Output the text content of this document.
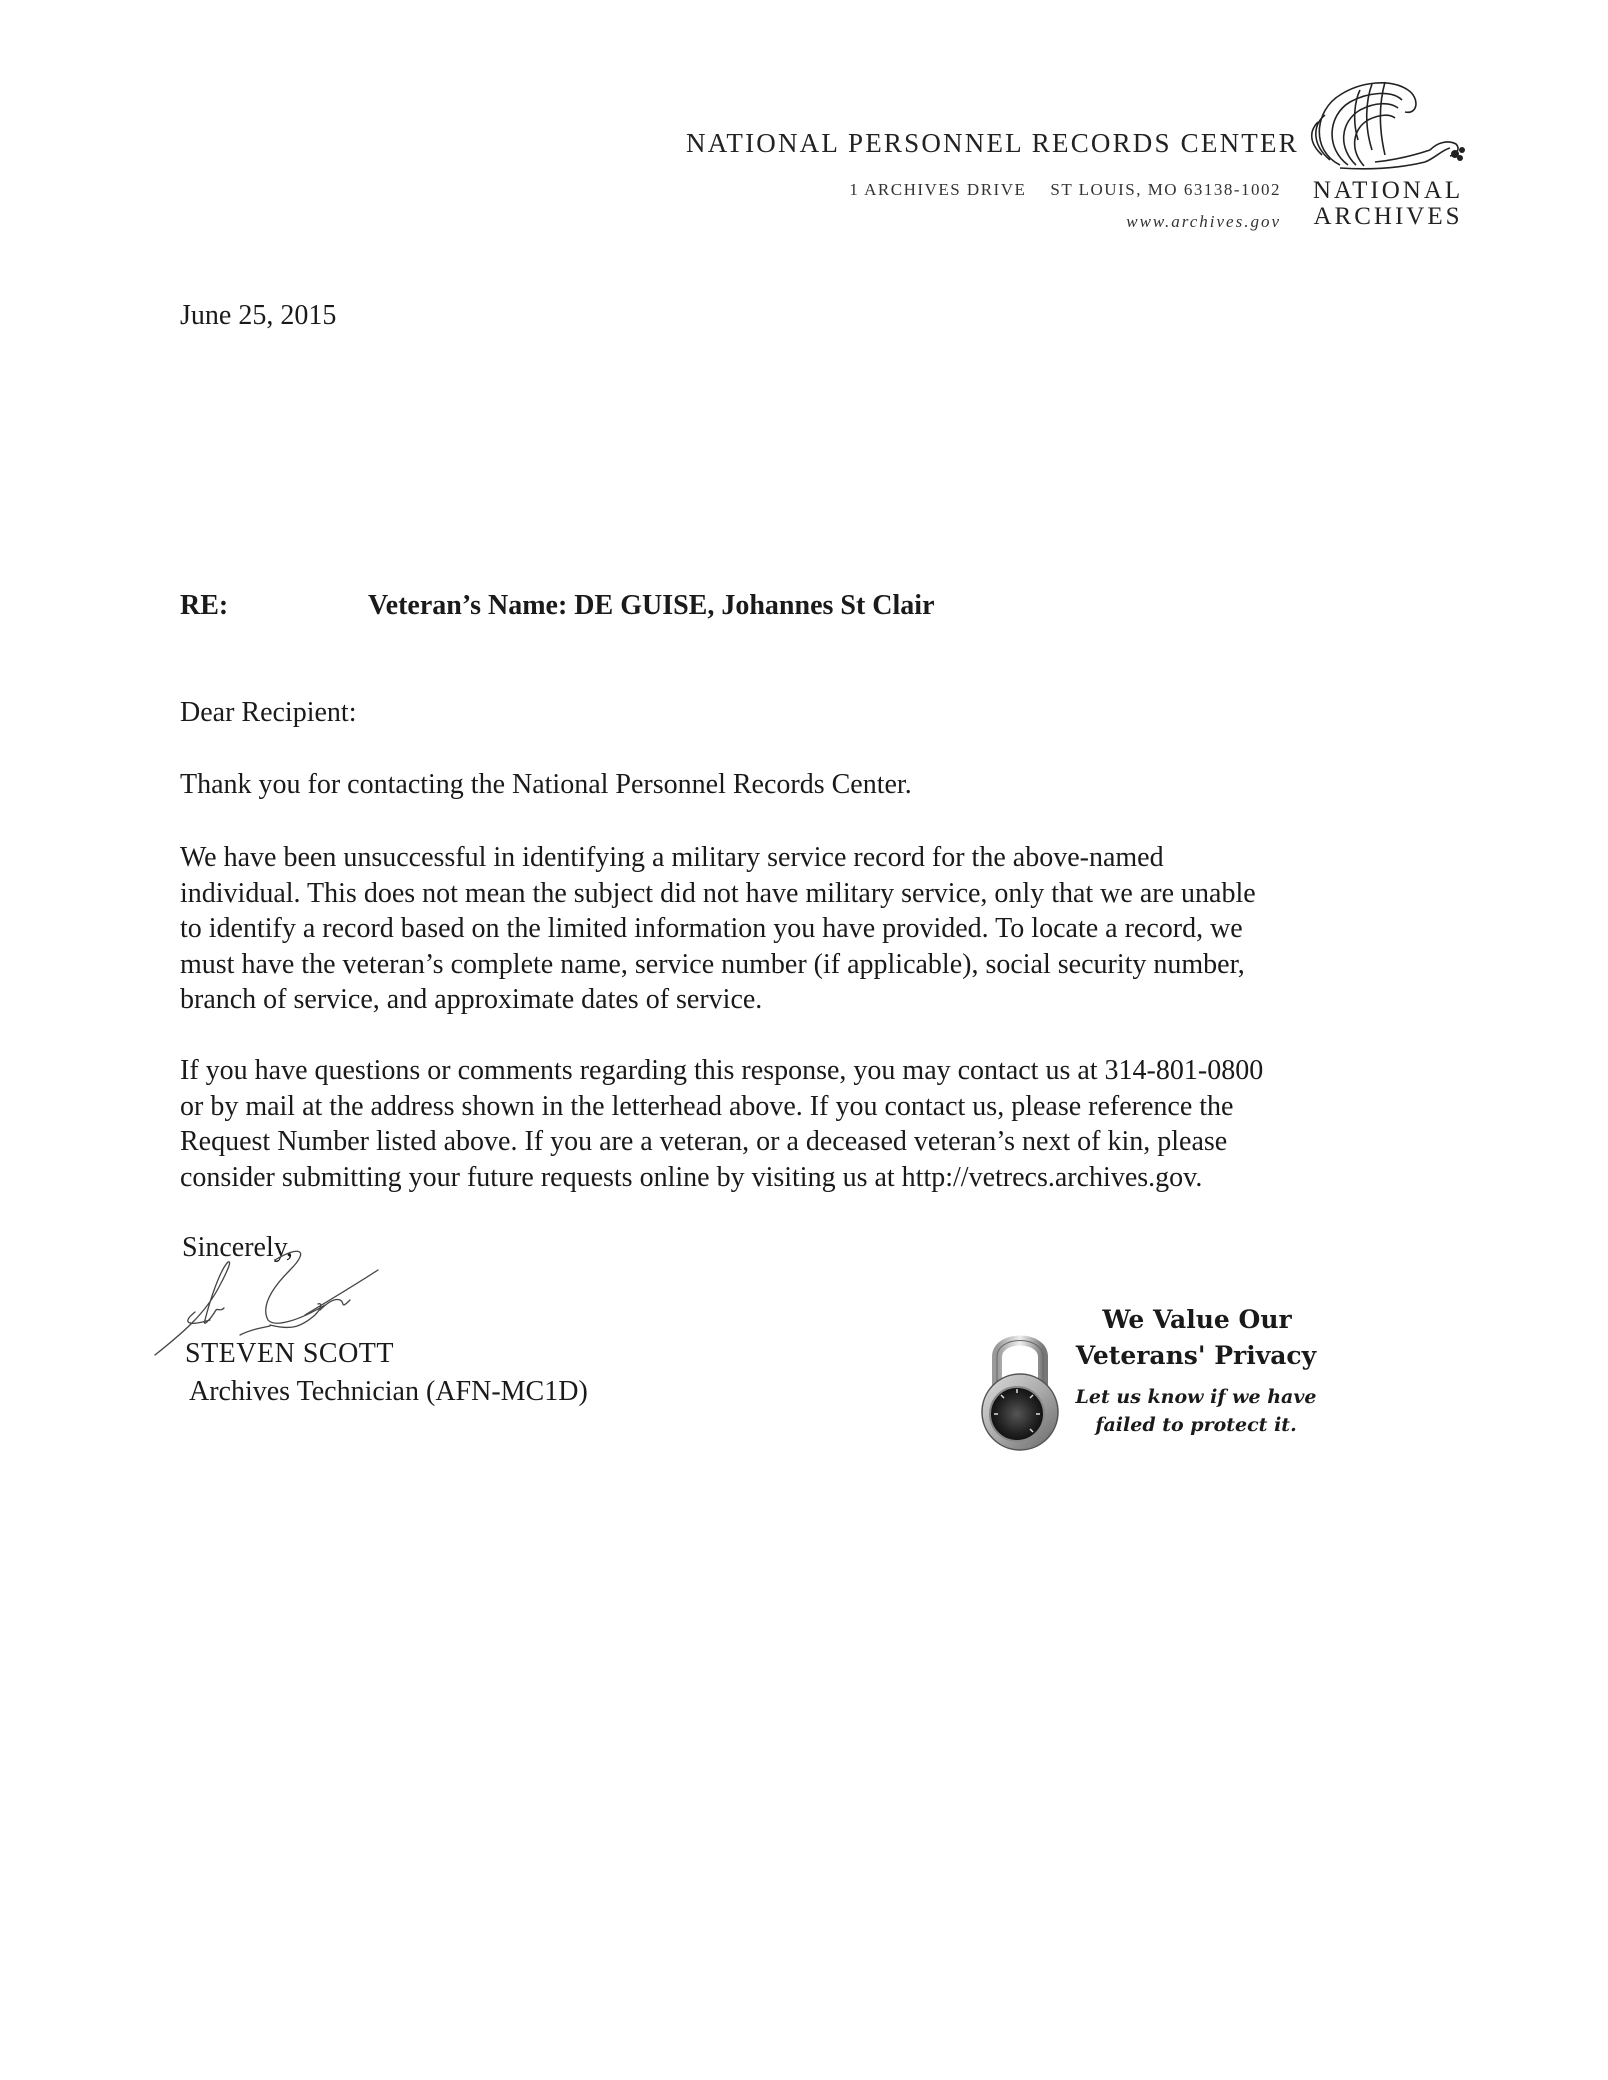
NATIONAL PERSONNEL RECORDS CENTER
1 ARCHIVES DRIVE ST LOUIS, MO 63138-1002
www.archives.gov
NATIONAL
ARCHIVES
June 25, 2015
RE:	Veteran’s Name: DE GUISE, Johannes St Clair
Dear Recipient:
Thank you for contacting the National Personnel Records Center.
We have been unsuccessful in identifying a military service record for the above-named
individual. This does not mean the subject did not have military service, only that we are unable
to identify a record based on the limited information you have provided. To locate a record, we
must have the veteran’s complete name, service number (if applicable), social security number,
branch of service, and approximate dates of service.
If you have questions or comments regarding this response, you may contact us at 314-801-0800
or by mail at the address shown in the letterhead above. If you contact us, please reference the
Request Number listed above. If you are a veteran, or a deceased veteran’s next of kin, please
consider submitting your future requests online by visiting us at http://vetrecs.archives.gov.
Sincerely,
STEVEN SCOTT
Archives Technician (AFN-MC1D)
We Value Our
Veterans' Privacy
Let us know if we have
failed to protect it.
